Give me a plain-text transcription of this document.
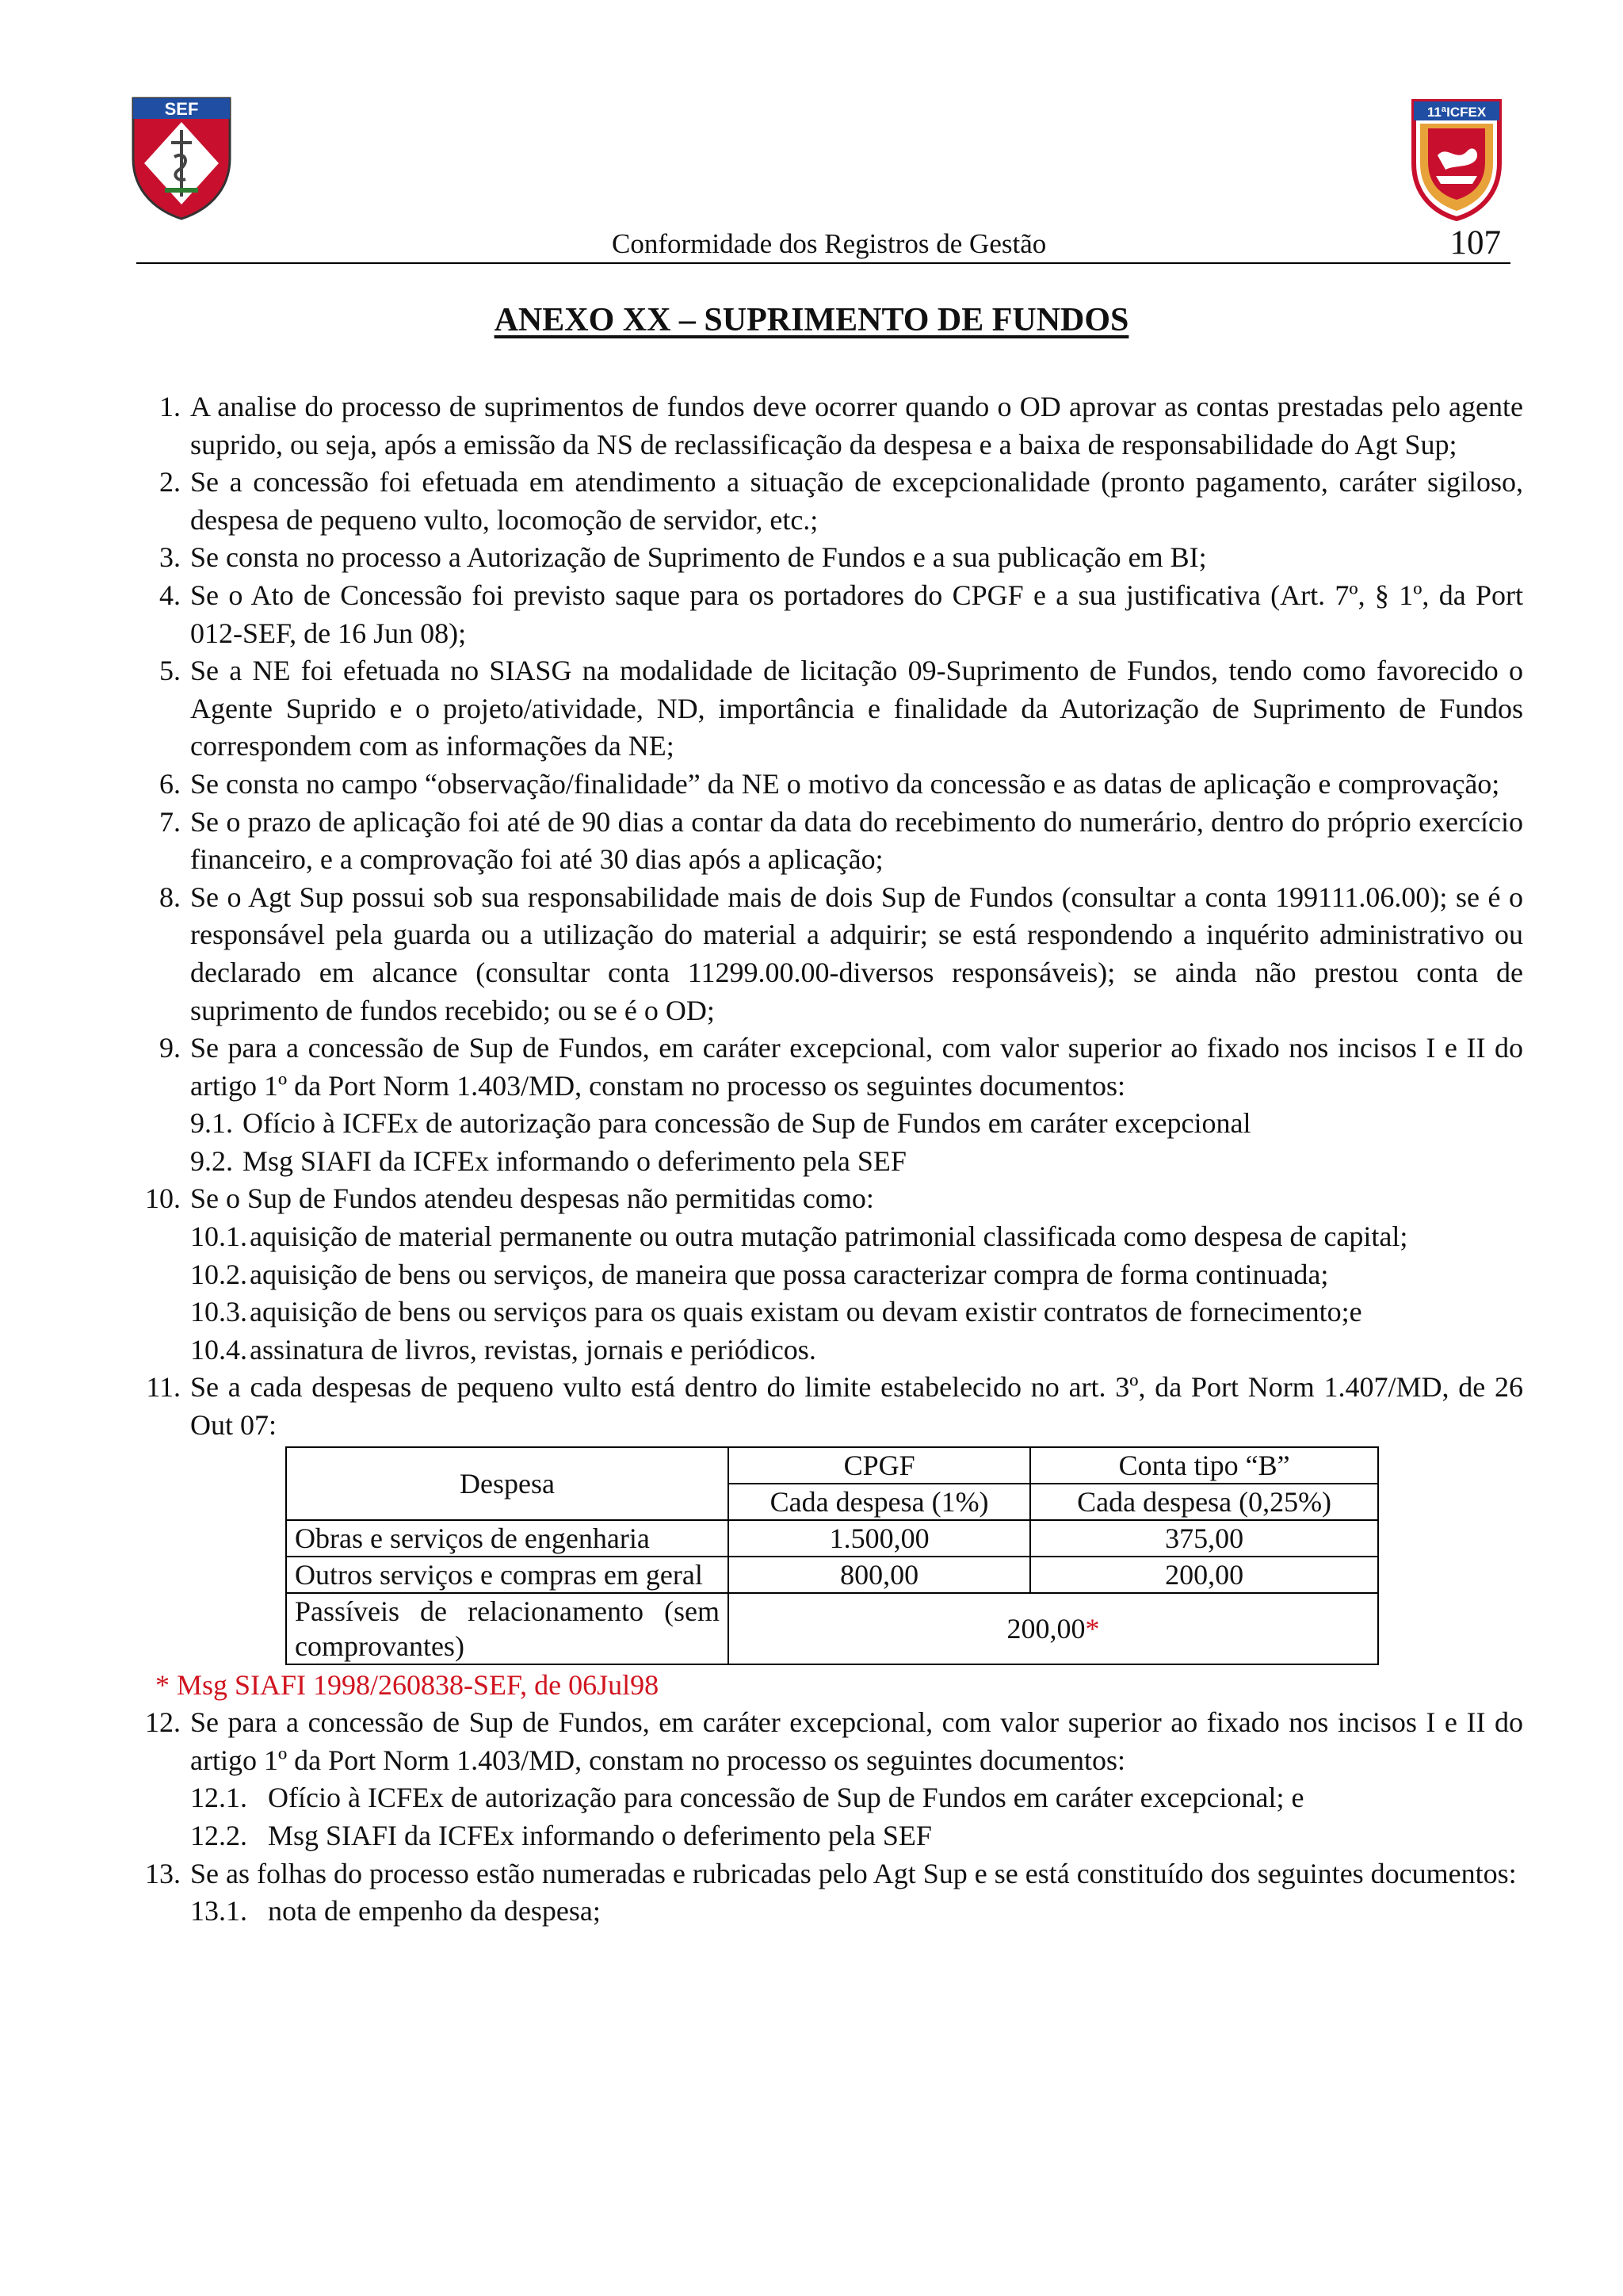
SEF	11ªICFEX
Conformidade dos Registros de Gestão	107
ANEXO XX – SUPRIMENTO DE FUNDOS
1. A analise do processo de suprimentos de fundos deve ocorrer quando o OD aprovar as contas prestadas pelo agente suprido, ou seja, após a emissão da NS de reclassificação da despesa e a baixa de responsabilidade do Agt Sup;
2. Se a concessão foi efetuada em atendimento a situação de excepcionalidade (pronto pagamento, caráter sigiloso, despesa de pequeno vulto, locomoção de servidor, etc.;
3. Se consta no processo a Autorização de Suprimento de Fundos e a sua publicação em BI;
4. Se o Ato de Concessão foi previsto saque para os portadores do CPGF e a sua justificativa (Art. 7º, § 1º, da Port 012-SEF, de 16 Jun 08);
5. Se a NE foi efetuada no SIASG na modalidade de licitação 09-Suprimento de Fundos, tendo como favorecido o Agente Suprido e o projeto/atividade, ND, importância e finalidade da Autorização de Suprimento de Fundos correspondem com as informações da NE;
6. Se consta no campo “observação/finalidade” da NE o motivo da concessão e as datas de aplicação e comprovação;
7. Se o prazo de aplicação foi até de 90 dias a contar da data do recebimento do numerário, dentro do próprio exercício financeiro, e a comprovação foi até 30 dias após a aplicação;
8. Se o Agt Sup possui sob sua responsabilidade mais de dois Sup de Fundos (consultar a conta 199111.06.00); se é o responsável pela guarda ou a utilização do material a adquirir; se está respondendo a inquérito administrativo ou declarado em alcance (consultar conta 11299.00.00-diversos responsáveis); se ainda não prestou conta de suprimento de fundos recebido; ou se é o OD;
9. Se para a concessão de Sup de Fundos, em caráter excepcional, com valor superior ao fixado nos incisos I e II do artigo 1º da Port Norm 1.403/MD, constam no processo os seguintes documentos:
9.1. Ofício à ICFEx de autorização para concessão de Sup de Fundos em caráter excepcional
9.2. Msg SIAFI da ICFEx informando o deferimento pela SEF
10. Se o Sup de Fundos atendeu despesas não permitidas como:
10.1. aquisição de material permanente ou outra mutação patrimonial classificada como despesa de capital;
10.2. aquisição de bens ou serviços, de maneira que possa caracterizar compra de forma continuada;
10.3. aquisição de bens ou serviços para os quais existam ou devam existir contratos de fornecimento;e
10.4. assinatura de livros, revistas, jornais e periódicos.
11. Se a cada despesas de pequeno vulto está dentro do limite estabelecido no art. 3º, da Port Norm 1.407/MD, de 26 Out 07:
Despesa	CPGF	Conta tipo “B”
	Cada despesa (1%)	Cada despesa (0,25%)
Obras e serviços de engenharia	1.500,00	375,00
Outros serviços e compras em geral	800,00	200,00
Passíveis de relacionamento (sem comprovantes)	200,00*	
* Msg SIAFI 1998/260838-SEF, de 06Jul98
12. Se para a concessão de Sup de Fundos, em caráter excepcional, com valor superior ao fixado nos incisos I e II do artigo 1º da Port Norm 1.403/MD, constam no processo os seguintes documentos:
12.1. Ofício à ICFEx de autorização para concessão de Sup de Fundos em caráter excepcional; e
12.2. Msg SIAFI da ICFEx informando o deferimento pela SEF
13. Se as folhas do processo estão numeradas e rubricadas pelo Agt Sup e se está constituído dos seguintes documentos:
13.1. nota de empenho da despesa;
